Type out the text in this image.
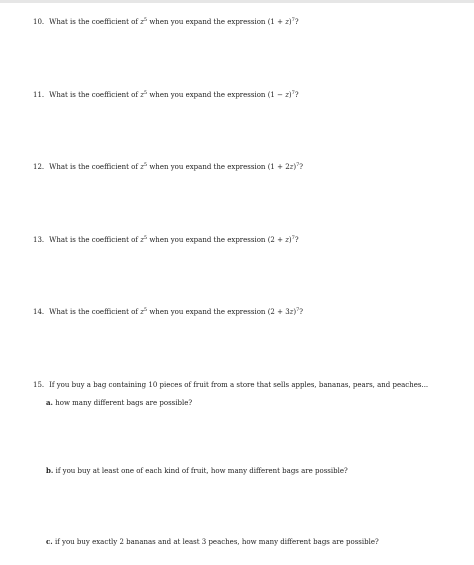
10. What is the coefficient of $z^5$ when you expand the expression $(1 + z)^7$?
11. What is the coefficient of $z^5$ when you expand the expression $(1 - z)^7$?
12. What is the coefficient of $z^5$ when you expand the expression $(1 + 2z)^7$?
13. What is the coefficient of $z^5$ when you expand the expression $(2 + z)^7$?
14. What is the coefficient of $z^5$ when you expand the expression $(2 + 3z)^7$?
15. If you buy a bag containing 10 pieces of fruit from a store that sells apples, bananas, pears, and peaches...
a. how many different bags are possible?
b. if you buy at least one of each kind of fruit, how many different bags are possible?
c. if you buy exactly 2 bananas and at least 3 peaches, how many different bags are possible?
